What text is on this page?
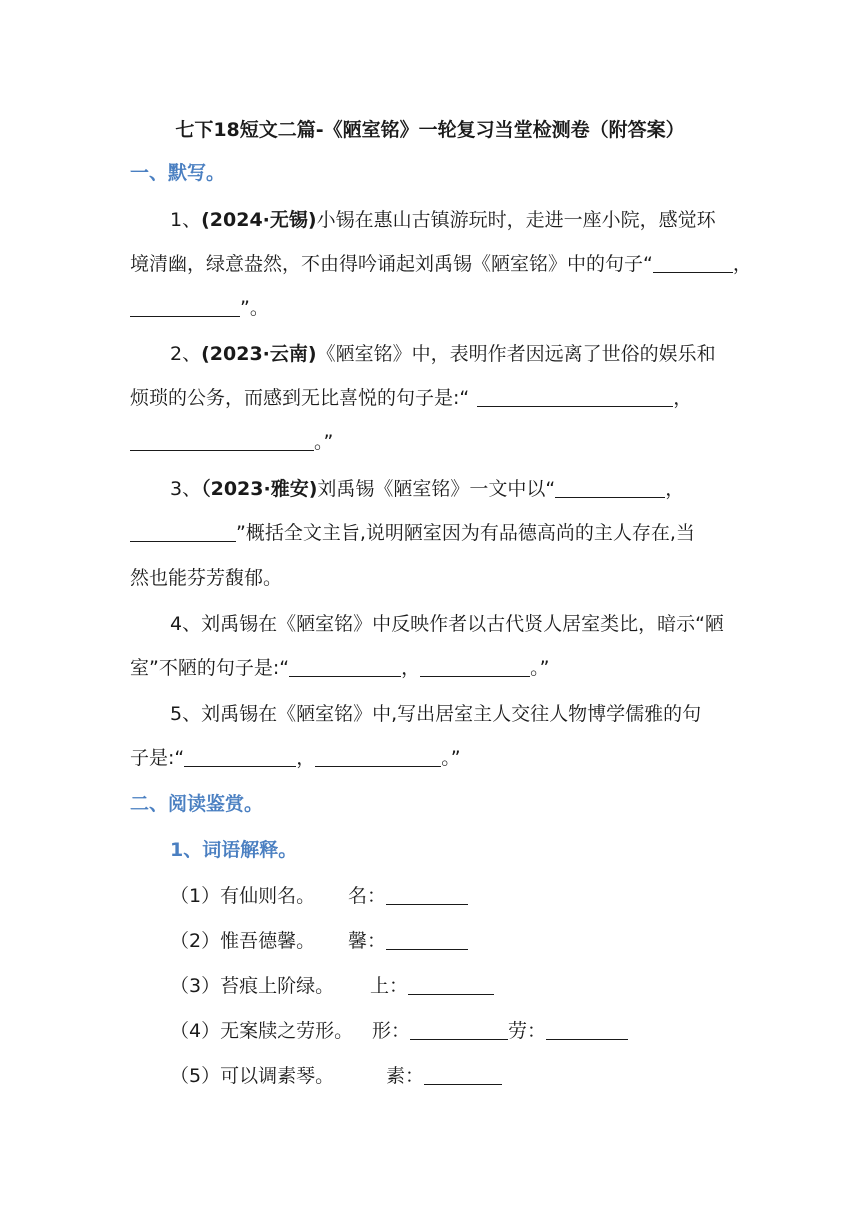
七下18短文二篇-《陋室铭》一轮复习当堂检测卷（附答案）
一、默写。
1、(2024·无锡)小锡在惠山古镇游玩时，走进一座小院，感觉环
境清幽，绿意盎然，不由得吟诵起刘禹锡《陋室铭》中的句子“	，
”。
2、(2023·云南)《陋室铭》中，表明作者因远离了世俗的娱乐和
烦琐的公务，而感到无比喜悦的句子是:“	，
。”
3、（2023·雅安)刘禹锡《陋室铭》一文中以“	，
”概括全文主旨,说明陋室因为有品德高尚的主人存在,当
然也能芬芳馥郁。
4、刘禹锡在《陋室铭》中反映作者以古代贤人居室类比，暗示“陋
室”不陋的句子是:“	，	。”
5、刘禹锡在《陋室铭》中,写出居室主人交往人物博学儒雅的句
子是:“	，	。”
二、阅读鉴赏。
1、词语解释。
（1）有仙则名。 名：
（2）惟吾德馨。 馨：
（3）苔痕上阶绿。 上：
（4）无案牍之劳形。 形：	劳：
（5）可以调素琴。	素：
